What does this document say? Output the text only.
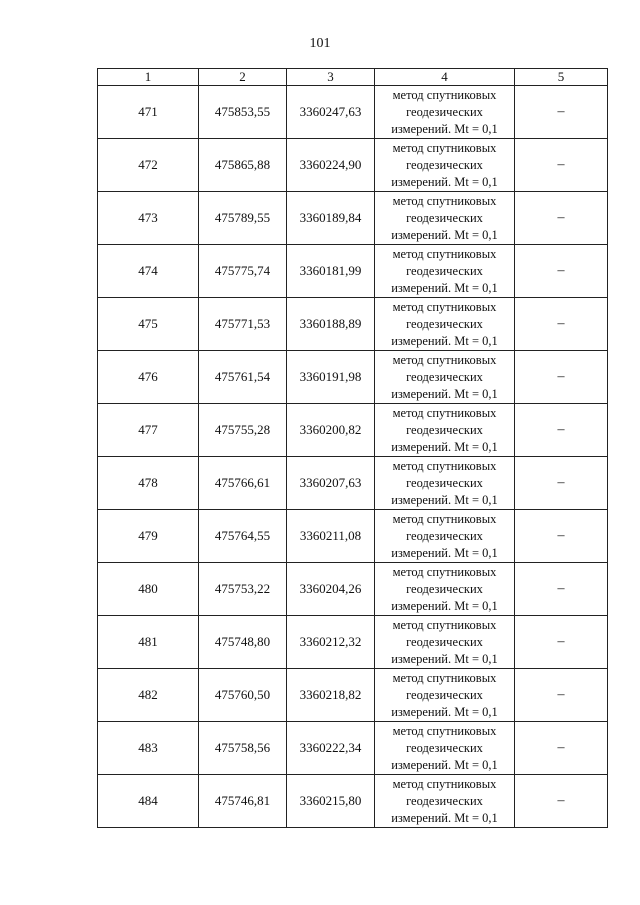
101
1	2	3	4	5
471	475853,55	3360247,63	метод спутниковых
геодезических
измерений. Mt = 0,1	–
472	475865,88	3360224,90	метод спутниковых
геодезических
измерений. Mt = 0,1	–
473	475789,55	3360189,84	метод спутниковых
геодезических
измерений. Mt = 0,1	–
474	475775,74	3360181,99	метод спутниковых
геодезических
измерений. Mt = 0,1	–
475	475771,53	3360188,89	метод спутниковых
геодезических
измерений. Mt = 0,1	–
476	475761,54	3360191,98	метод спутниковых
геодезических
измерений. Mt = 0,1	–
477	475755,28	3360200,82	метод спутниковых
геодезических
измерений. Mt = 0,1	–
478	475766,61	3360207,63	метод спутниковых
геодезических
измерений. Mt = 0,1	–
479	475764,55	3360211,08	метод спутниковых
геодезических
измерений. Mt = 0,1	–
480	475753,22	3360204,26	метод спутниковых
геодезических
измерений. Mt = 0,1	–
481	475748,80	3360212,32	метод спутниковых
геодезических
измерений. Mt = 0,1	–
482	475760,50	3360218,82	метод спутниковых
геодезических
измерений. Mt = 0,1	–
483	475758,56	3360222,34	метод спутниковых
геодезических
измерений. Mt = 0,1	–
484	475746,81	3360215,80	метод спутниковых
геодезических
измерений. Mt = 0,1	–
